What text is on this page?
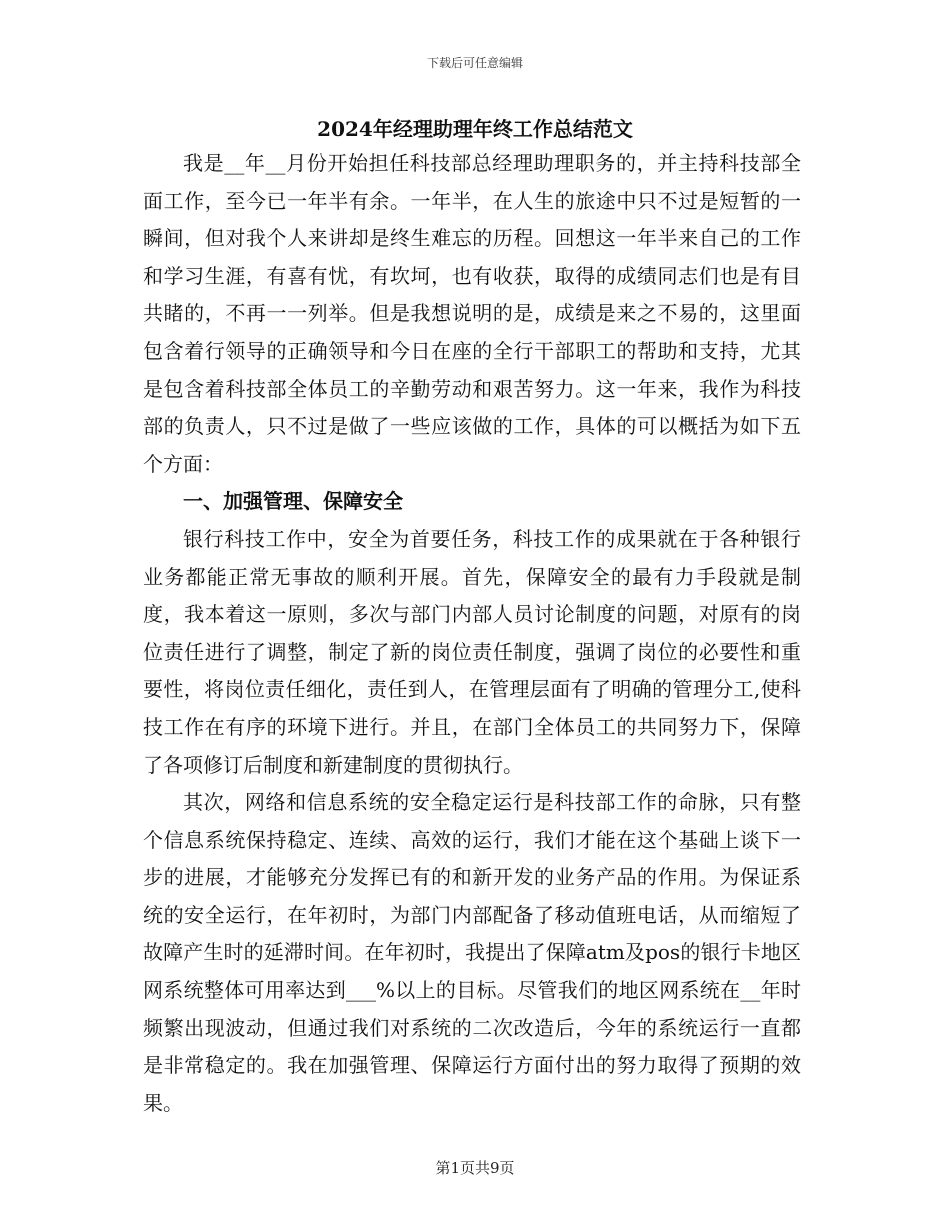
下载后可任意编辑
2024年经理助理年终工作总结范文

我是__年__月份开始担任科技部总经理助理职务的，并主持科技部全面工作，至今已一年半有余。一年半，在人生的旅途中只不过是短暂的一瞬间，但对我个人来讲却是终生难忘的历程。回想这一年半来自己的工作和学习生涯，有喜有忧，有坎坷，也有收获，取得的成绩同志们也是有目共睹的，不再一一列举。但是我想说明的是，成绩是来之不易的，这里面包含着行领导的正确领导和今日在座的全行干部职工的帮助和支持，尤其是包含着科技部全体员工的辛勤劳动和艰苦努力。这一年来，我作为科技部的负责人，只不过是做了一些应该做的工作，具体的可以概括为如下五个方面：

一、加强管理、保障安全

银行科技工作中，安全为首要任务，科技工作的成果就在于各种银行业务都能正常无事故的顺利开展。首先，保障安全的最有力手段就是制度，我本着这一原则，多次与部门内部人员讨论制度的问题，对原有的岗位责任进行了调整，制定了新的岗位责任制度，强调了岗位的必要性和重要性，将岗位责任细化，责任到人，在管理层面有了明确的管理分工,使科技工作在有序的环境下进行。并且，在部门全体员工的共同努力下，保障了各项修订后制度和新建制度的贯彻执行。

其次，网络和信息系统的安全稳定运行是科技部工作的命脉，只有整个信息系统保持稳定、连续、高效的运行，我们才能在这个基础上谈下一步的进展，才能够充分发挥已有的和新开发的业务产品的作用。为保证系统的安全运行，在年初时，为部门内部配备了移动值班电话，从而缩短了故障产生时的延滞时间。在年初时，我提出了保障atm及pos的银行卡地区网系统整体可用率达到___%以上的目标。尽管我们的地区网系统在__年时频繁出现波动，但通过我们对系统的二次改造后，今年的系统运行一直都是非常稳定的。我在加强管理、保障运行方面付出的努力取得了预期的效果。

第1页共9页
